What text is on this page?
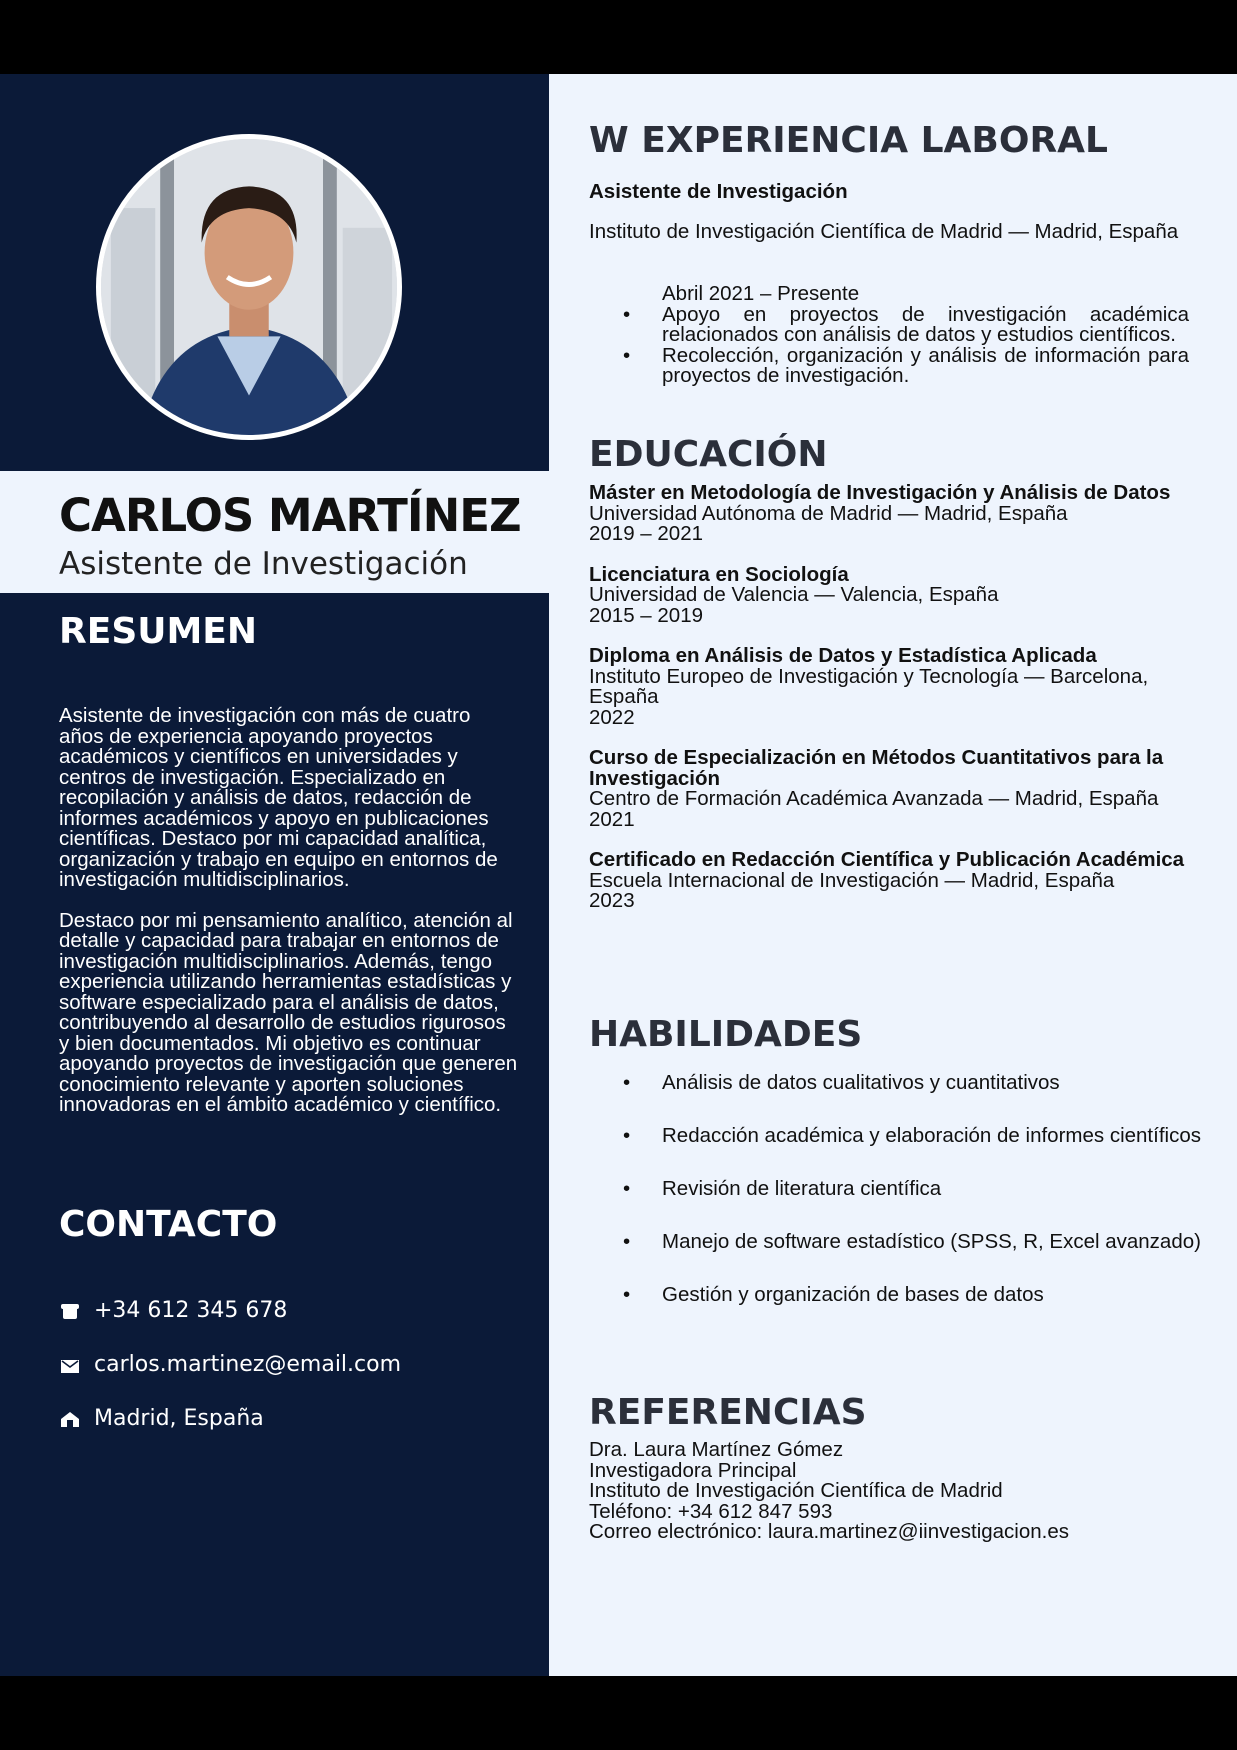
CARLOS MARTÍNEZ
Asistente de Investigación
RESUMEN

Asistente de investigación con más de cuatro años de experiencia apoyando proyectos académicos y científicos en universidades y centros de investigación. Especializado en recopilación y análisis de datos, redacción de informes académicos y apoyo en publicaciones científicas. Destaco por mi capacidad analítica, organización y trabajo en equipo en entornos de investigación multidisciplinarios.

Destaco por mi pensamiento analítico, atención al detalle y capacidad para trabajar en entornos de investigación multidisciplinarios. Además, tengo experiencia utilizando herramientas estadísticas y software especializado para el análisis de datos, contribuyendo al desarrollo de estudios rigurosos y bien documentados. Mi objetivo es continuar apoyando proyectos de investigación que generen conocimiento relevante y aporten soluciones innovadoras en el ámbito académico y científico.

CONTACTO
+34 612 345 678
carlos.martinez@email.com
Madrid, España
W EXPERIENCIA LABORAL
Asistente de Investigación
Instituto de Investigación Científica de Madrid — Madrid, España
Abril 2021 – Presente
• Apoyo en proyectos de investigación académica relacionados con análisis de datos y estudios científicos.
• Recolección, organización y análisis de información para proyectos de investigación.
EDUCACIÓN
Máster en Metodología de Investigación y Análisis de Datos
Universidad Autónoma de Madrid — Madrid, España
2019 – 2021
Licenciatura en Sociología
Universidad de Valencia — Valencia, España
2015 – 2019
Diploma en Análisis de Datos y Estadística Aplicada
Instituto Europeo de Investigación y Tecnología — Barcelona, España
2022
Curso de Especialización en Métodos Cuantitativos para la Investigación
Centro de Formación Académica Avanzada — Madrid, España
2021
Certificado en Redacción Científica y Publicación Académica
Escuela Internacional de Investigación — Madrid, España
2023
HABILIDADES
• Análisis de datos cualitativos y cuantitativos
• Redacción académica y elaboración de informes científicos
• Revisión de literatura científica
• Manejo de software estadístico (SPSS, R, Excel avanzado)
• Gestión y organización de bases de datos
REFERENCIAS
Dra. Laura Martínez Gómez
Investigadora Principal
Instituto de Investigación Científica de Madrid
Teléfono: +34 612 847 593
Correo electrónico: laura.martinez@iinvestigacion.es
